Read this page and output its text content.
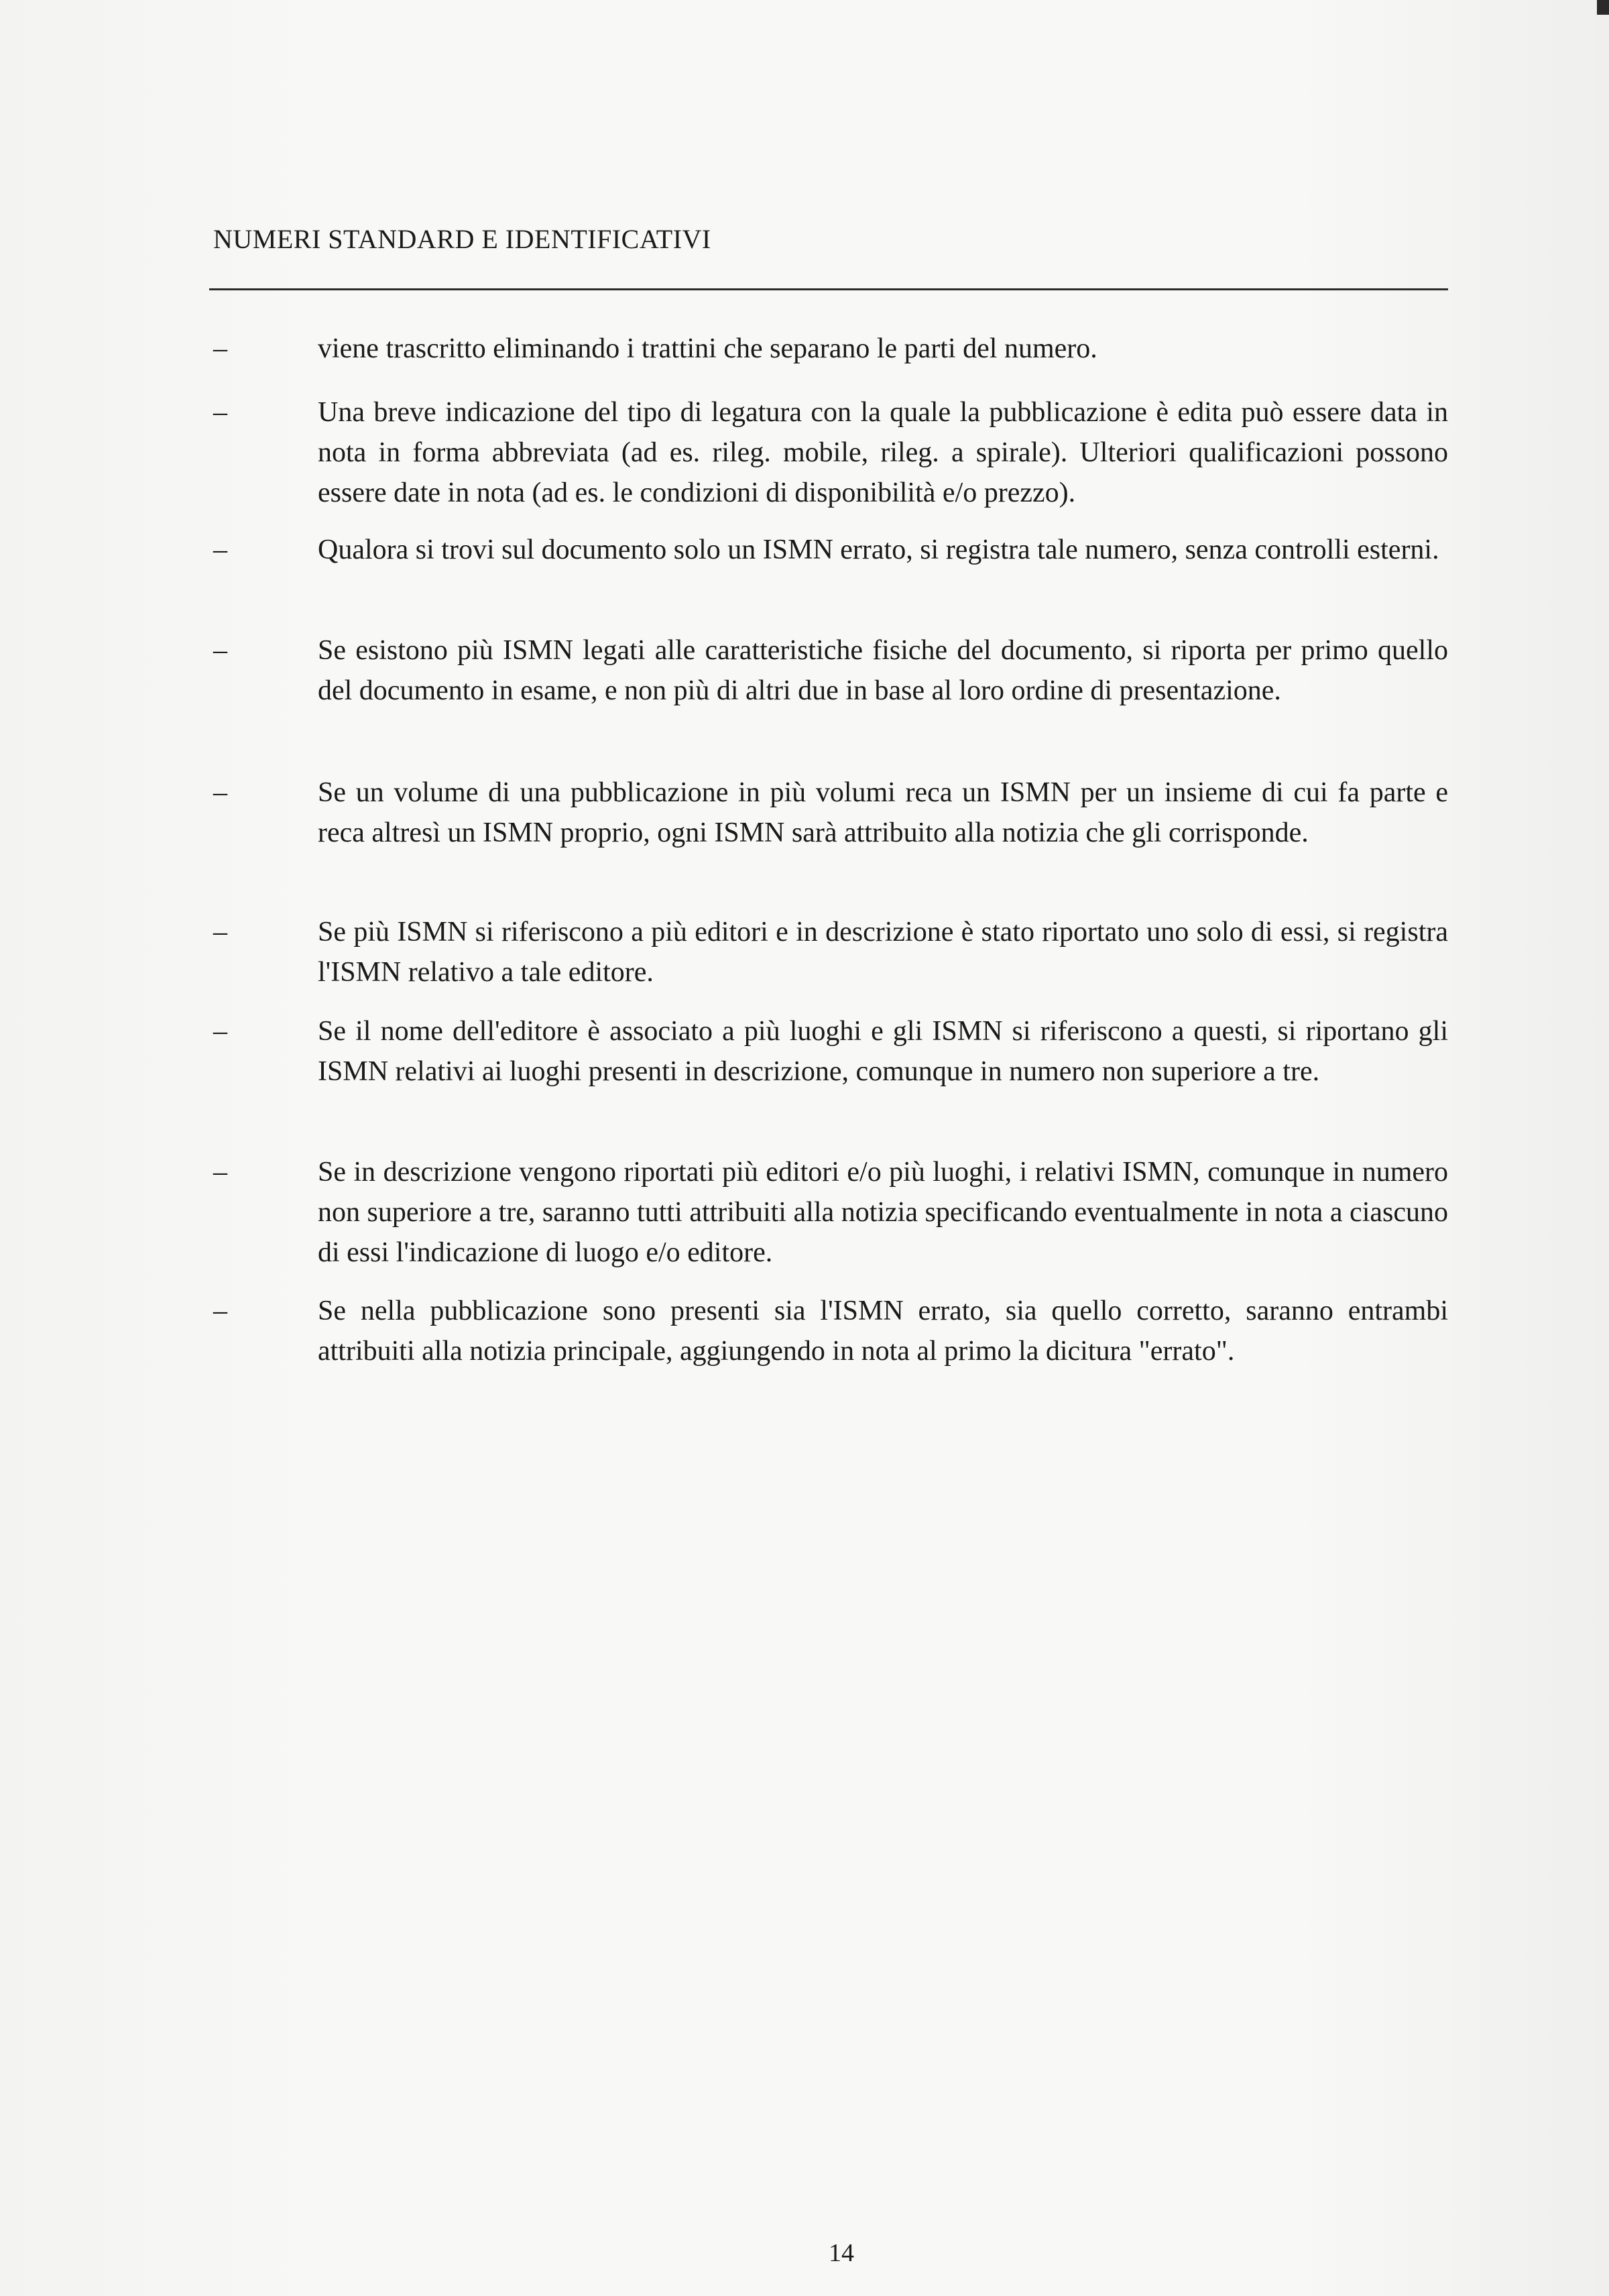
NUMERI STANDARD E IDENTIFICATIVI
–	viene trascritto eliminando i trattini che separano le parti del numero.
–	Una breve indicazione del tipo di legatura con la quale la pubblicazione è edita può essere data in nota in forma abbreviata (ad es. rileg. mobile, rileg. a spirale). Ulteriori qualificazioni possono essere date in nota (ad es. le condizioni di disponibilità e/o prezzo).
–	Qualora si trovi sul documento solo un ISMN errato, si registra tale numero, senza controlli esterni.
–	Se esistono più ISMN legati alle caratteristiche fisiche del documento, si riporta per primo quello del documento in esame, e non più di altri due in base al loro ordine di presentazione.
–	Se un volume di una pubblicazione in più volumi reca un ISMN per un insieme di cui fa parte e reca altresì un ISMN proprio, ogni ISMN sarà attribuito alla notizia che gli corrisponde.
–	Se più ISMN si riferiscono a più editori e in descrizione è stato riportato uno solo di essi, si registra l'ISMN relativo a tale editore.
–	Se il nome dell'editore è associato a più luoghi e gli ISMN si riferiscono a questi, si riportano gli ISMN relativi ai luoghi presenti in descrizione, comunque in numero non superiore a tre.
–	Se in descrizione vengono riportati più editori e/o più luoghi, i relativi ISMN, comunque in numero non superiore a tre, saranno tutti attribuiti alla notizia specificando eventualmente in nota a ciascuno di essi l'indicazione di luogo e/o editore.
–	Se nella pubblicazione sono presenti sia l'ISMN errato, sia quello corretto, saranno entrambi attribuiti alla notizia principale, aggiungendo in nota al primo la dicitura "errato".
14
